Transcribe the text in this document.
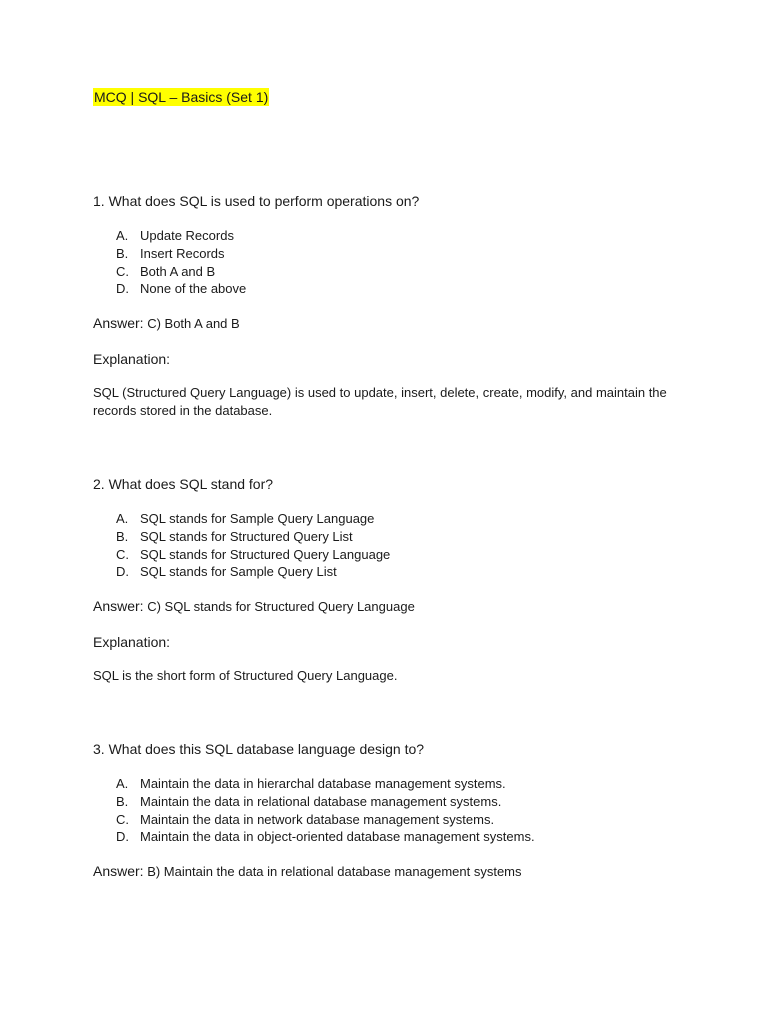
MCQ | SQL – Basics (Set 1)
1. What does SQL is used to perform operations on?
A. Update Records
B. Insert Records
C. Both A and B
D. None of the above
Answer: C) Both A and B
Explanation:
SQL (Structured Query Language) is used to update, insert, delete, create, modify, and maintain the records stored in the database.
2. What does SQL stand for?
A. SQL stands for Sample Query Language
B. SQL stands for Structured Query List
C. SQL stands for Structured Query Language
D. SQL stands for Sample Query List
Answer: C) SQL stands for Structured Query Language
Explanation:
SQL is the short form of Structured Query Language.
3. What does this SQL database language design to?
A. Maintain the data in hierarchal database management systems.
B. Maintain the data in relational database management systems.
C. Maintain the data in network database management systems.
D. Maintain the data in object-oriented database management systems.
Answer: B) Maintain the data in relational database management systems
